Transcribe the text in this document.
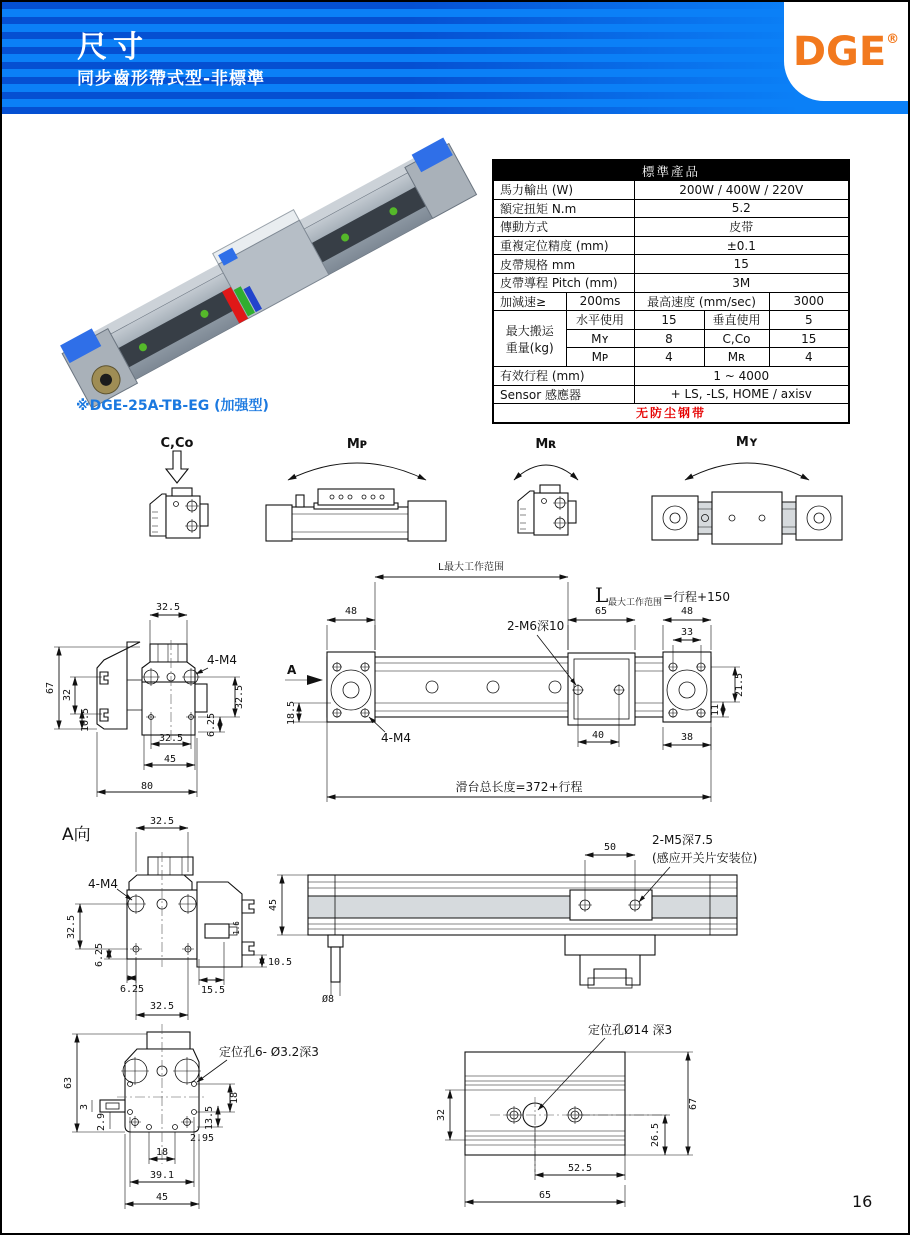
尺寸
同步齒形帶式型-非標準
DGE®
※DGE-25A-TB-EG (加强型)
標準產品				
馬力輸出 (W)		200W / 400W / 220V		
額定扭矩 N.m		5.2		
傳動方式		皮带		
重複定位精度 (mm)		±0.1		
皮帶規格 mm		15		
皮帶導程 Pitch (mm)		3M		
加減速≥	200ms	最高速度 (mm/sec)		3000
最大搬运
重量(kg)	水平使用	15	垂直使用	5
	Mʏ	8	C,Co	15
	Mᴘ	4	Mʀ	4
有效行程 (mm)		1 ~ 4000		
Sensor 感應器		+ LS, -LS, HOME / axisv		
无防尘钢带				
C,Co	Mᴘ	Mʀ	Mʏ
L最大工作范围
L 最大工作范围 =行程+150
48	65	48
33
2-M6深10
A
18.5
4-M4	40	38
21.5
11
滑台总长度=372+行程
32.5
67
32
10.5
4-M4
32.5
6.25
32.5
45
80
A向
32.5
4-M4
32.5
6.25
6.25	15.5
32.5
1.6
10.5
45
50
2-M5深7.5
(感应开关片安装位)
Ø8
63
3
2.9
定位孔6- Ø3.2深3
18
13.5
2.95
18
39.1
45
定位孔Ø14 深3
32
67
26.5
52.5
65	16
